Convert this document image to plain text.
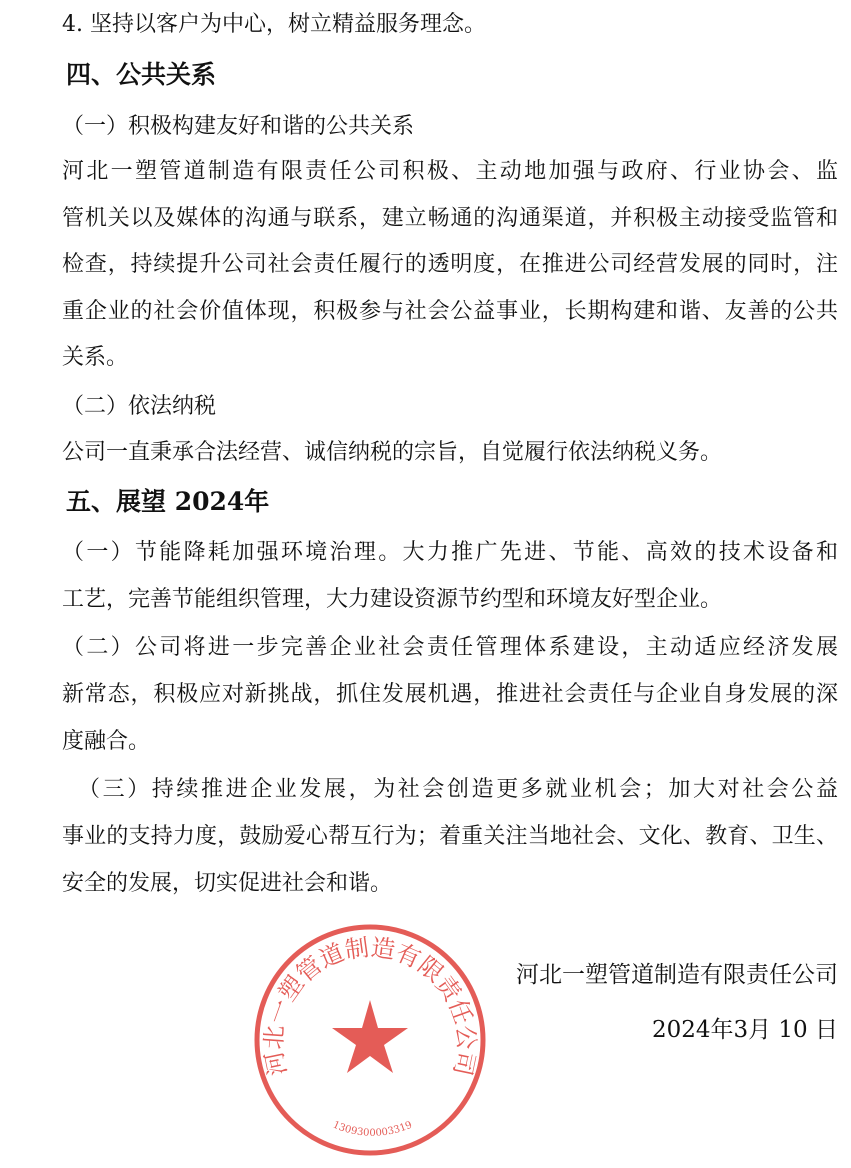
4. 坚持以客户为中心，树立精益服务理念。
四、公共关系
（一）积极构建友好和谐的公共关系
河北一塑管道制造有限责任公司积极、主动地加强与政府、行业协会、监
管机关以及媒体的沟通与联系，建立畅通的沟通渠道，并积极主动接受监管和
检查，持续提升公司社会责任履行的透明度，在推进公司经营发展的同时，注
重企业的社会价值体现，积极参与社会公益事业，长期构建和谐、友善的公共
关系。
（二）依法纳税
公司一直秉承合法经营、诚信纳税的宗旨，自觉履行依法纳税义务。
五、展望 2024年
（一）节能降耗加强环境治理。大力推广先进、节能、高效的技术设备和
工艺，完善节能组织管理，大力建设资源节约型和环境友好型企业。
（二）公司将进一步完善企业社会责任管理体系建设，主动适应经济发展
新常态，积极应对新挑战，抓住发展机遇，推进社会责任与企业自身发展的深
度融合。
（三）持续推进企业发展，为社会创造更多就业机会；加大对社会公益
事业的支持力度，鼓励爱心帮互行为；着重关注当地社会、文化、教育、卫生、
安全的发展，切实促进社会和谐。
河北一塑管道制造有限责任公司
1309300003319
河北一塑管道制造有限责任公司
2024年3月 10 日
